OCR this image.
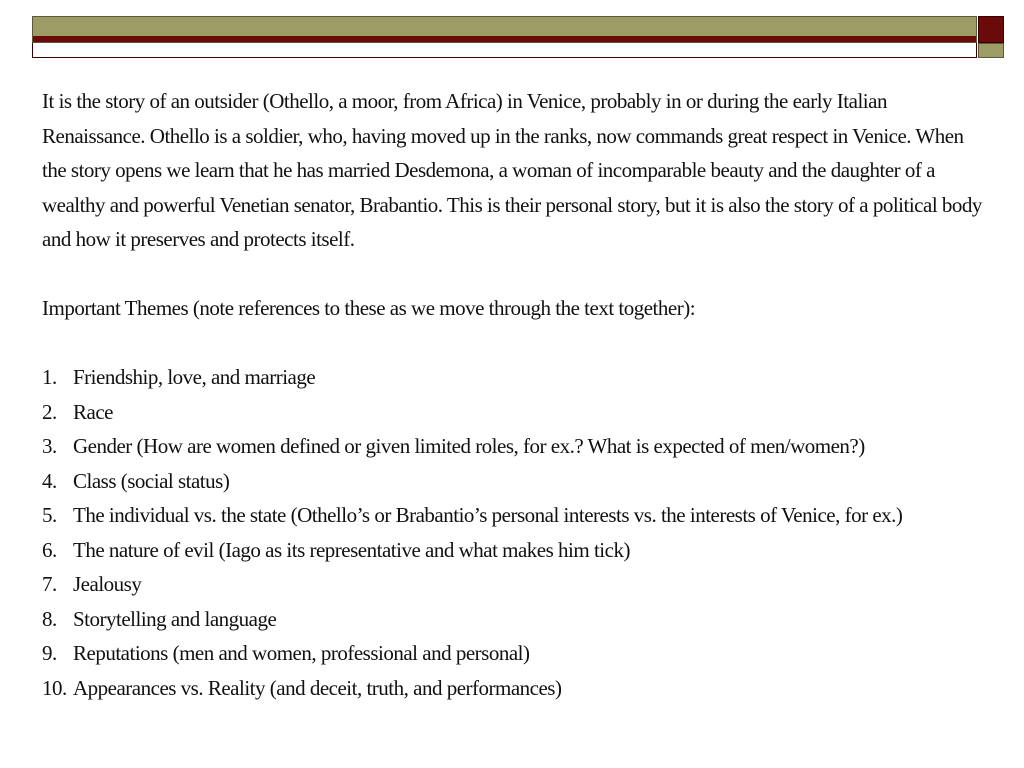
It is the story of an outsider (Othello, a moor, from Africa) in Venice, probably in or during the early Italian Renaissance. Othello is a soldier, who, having moved up in the ranks, now commands great respect in Venice. When the story opens we learn that he has married Desdemona, a woman of incomparable beauty and the daughter of a wealthy and powerful Venetian senator, Brabantio. This is their personal story, but it is also the story of a political body and how it preserves and protects itself.

Important Themes (note references to these as we move through the text together):

1. Friendship, love, and marriage
2. Race
3. Gender (How are women defined or given limited roles, for ex.? What is expected of men/women?)
4. Class (social status)
5. The individual vs. the state (Othello’s or Brabantio’s personal interests vs. the interests of Venice, for ex.)
6. The nature of evil (Iago as its representative and what makes him tick)
7. Jealousy
8. Storytelling and language
9. Reputations (men and women, professional and personal)
10. Appearances vs. Reality (and deceit, truth, and performances)
